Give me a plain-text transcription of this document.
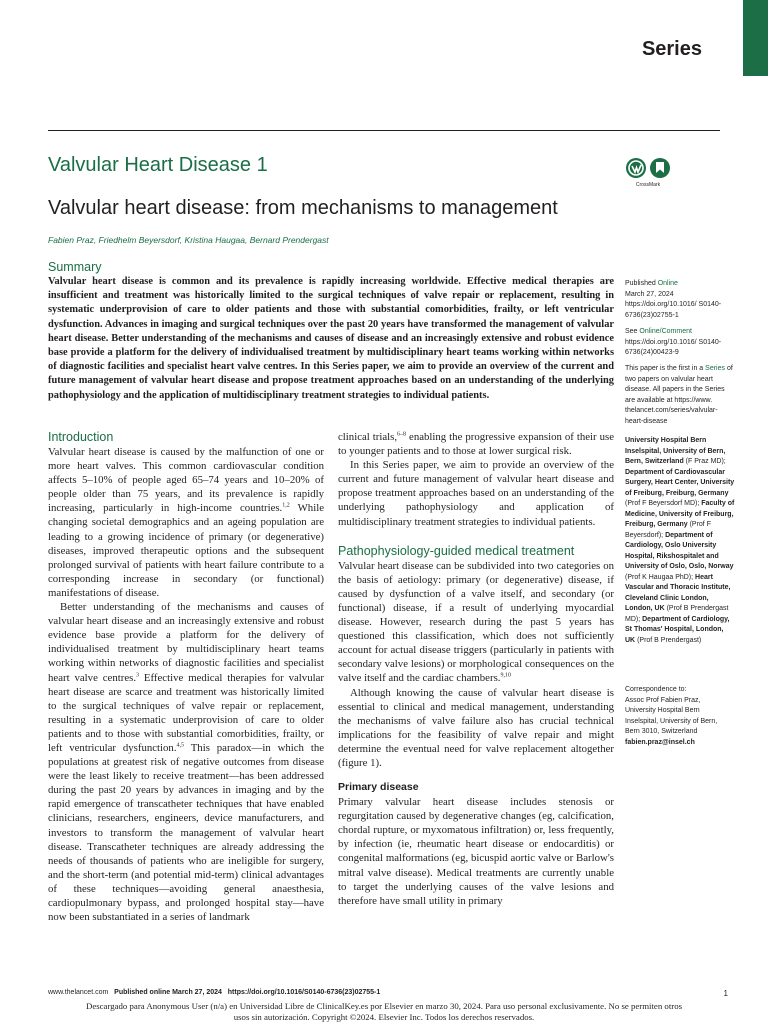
Series
Valvular Heart Disease 1
CrossMark
Valvular heart disease: from mechanisms to management
Fabien Praz, Friedhelm Beyersdorf, Kristina Haugaa, Bernard Prendergast
Summary
Valvular heart disease is common and its prevalence is rapidly increasing worldwide. Effective medical therapies are insufficient and treatment was historically limited to the surgical techniques of valve repair or replacement, resulting in systematic underprovision of care to older patients and those with substantial comorbidities, frailty, or left ventricular dysfunction. Advances in imaging and surgical techniques over the past 20 years have transformed the management of valvular heart disease. Better understanding of the mechanisms and causes of disease and an increasingly extensive and robust evidence base provide a platform for the delivery of individualised treatment by multidisciplinary heart teams working within networks of diagnostic facilities and specialist heart valve centres. In this Series paper, we aim to provide an overview of the current and future management of valvular heart disease and propose treatment approaches based on an understanding of the underlying pathophysiology and the application of multidisciplinary treatment strategies to individual patients.

Published Online

March 27, 2024

https://doi.org/10.1016/ S0140-6736(23)02755-1

See Online/Comment

https://doi.org/10.1016/ S0140-6736(24)00423-9

This paper is the first in a Series of two papers on valvular heart disease. All papers in the Series are available at https://www. thelancet.com/series/valvular-heart-disease

University Hospital Bern Inselspital, University of Bern, Bern, Switzerland (F Praz MD); Department of Cardiovascular Surgery, Heart Center, University of Freiburg, Freiburg, Germany (Prof F Beyersdorf MD); Faculty of Medicine, University of Freiburg, Freiburg, Germany (Prof F Beyersdorf); Department of Cardiology, Oslo University Hospital, Rikshospitalet and University of Oslo, Oslo, Norway (Prof K Haugaa PhD); Heart Vascular and Thoracic Institute, Cleveland Clinic London, London, UK (Prof B Prendergast MD); Department of Cardiology, St Thomas' Hospital, London, UK (Prof B Prendergast)

Correspondence to:

Assoc Prof Fabien Praz,

University Hospital Bern

Inselspital, University of Bern,

Bern 3010, Switzerland

fabien.praz@insel.ch

Introduction

Valvular heart disease is caused by the malfunction of one or more heart valves. This common cardiovascular condition affects 5–10% of people aged 65–74 years and 10–20% of people older than 75 years, and its prevalence is rapidly increasing, particularly in high-income countries.$^{1,2}$ While changing societal demographics and an ageing population are leading to a growing incidence of primary (or degenerative) diseases, improved therapeutic options and the subsequent prolonged survival of patients with heart failure contribute to a corresponding increase in secondary (or functional) manifestations of disease.

Better understanding of the mechanisms and causes of valvular heart disease and an increasingly extensive and robust evidence base provide a platform for the delivery of individualised treatment by multidisciplinary heart teams working within networks of diagnostic facilities and specialist heart valve centres.$^3$ Effective medical therapies for valvular heart disease are scarce and treatment was historically limited to the surgical techniques of valve repair or replacement, resulting in a systematic underprovision of care to older patients and to those with substantial comorbidities, frailty, or left ventricular dysfunction.$^{4,5}$ This paradox—in which the populations at greatest risk of negative outcomes from disease were the least likely to receive treatment—has been addressed during the past 20 years by advances in imaging and by the rapid emergence of transcatheter techniques that have enabled clinicians, researchers, engineers, device manufacturers, and investors to transform the management of valvular heart disease. Transcatheter techniques are already addressing the needs of thousands of patients who are ineligible for surgery, and the short-term (and potential mid-term) clinical advantages of these techniques—avoiding general anaesthesia, cardiopulmonary bypass, and prolonged hospital stay—have now been substantiated in a series of landmark

clinical trials,$^{6-8}$ enabling the progressive expansion of their use to younger patients and to those at lower surgical risk.

In this Series paper, we aim to provide an overview of the current and future management of valvular heart disease and propose treatment approaches based on an understanding of the underlying pathophysiology and application of multidisciplinary treatment strategies to individual patients.

Pathophysiology-guided medical treatment

Valvular heart disease can be subdivided into two categories on the basis of aetiology: primary (or degenerative) disease, if caused by dysfunction of a valve itself, and secondary (or functional) disease, if a result of underlying myocardial disease. However, research during the past 5 years has questioned this classification, which does not sufficiently account for actual disease triggers (particularly in patients with secondary valve lesions) or morphological consequences on the valve itself and the cardiac chambers.$^{9,10}$

Although knowing the cause of valvular heart disease is essential to clinical and medical management, understanding the mechanisms of valve failure also has crucial technical implications for the feasibility of valve repair and might determine the eventual need for valve replacement altogether (figure 1).

Primary disease

Primary valvular heart disease includes stenosis or regurgitation caused by degenerative changes (eg, calcification, chordal rupture, or myxomatous infiltration) or, less frequently, by infection (ie, rheumatic heart disease or endocarditis) or congenital malformations (eg, bicuspid aortic valve or Barlow's mitral valve disease). Medical treatments are currently unable to target the underlying causes of the valve lesions and therefore have small utility in primary

www.thelancet.com Published online March 27, 2024 https://doi.org/10.1016/S0140-6736(23)02755-1	1
Descargado para Anonymous User (n/a) en Universidad Libre de ClinicalKey.es por Elsevier en marzo 30, 2024. Para uso personal exclusivamente. No se permiten otros usos sin autorización. Copyright ©2024. Elsevier Inc. Todos los derechos reservados.
